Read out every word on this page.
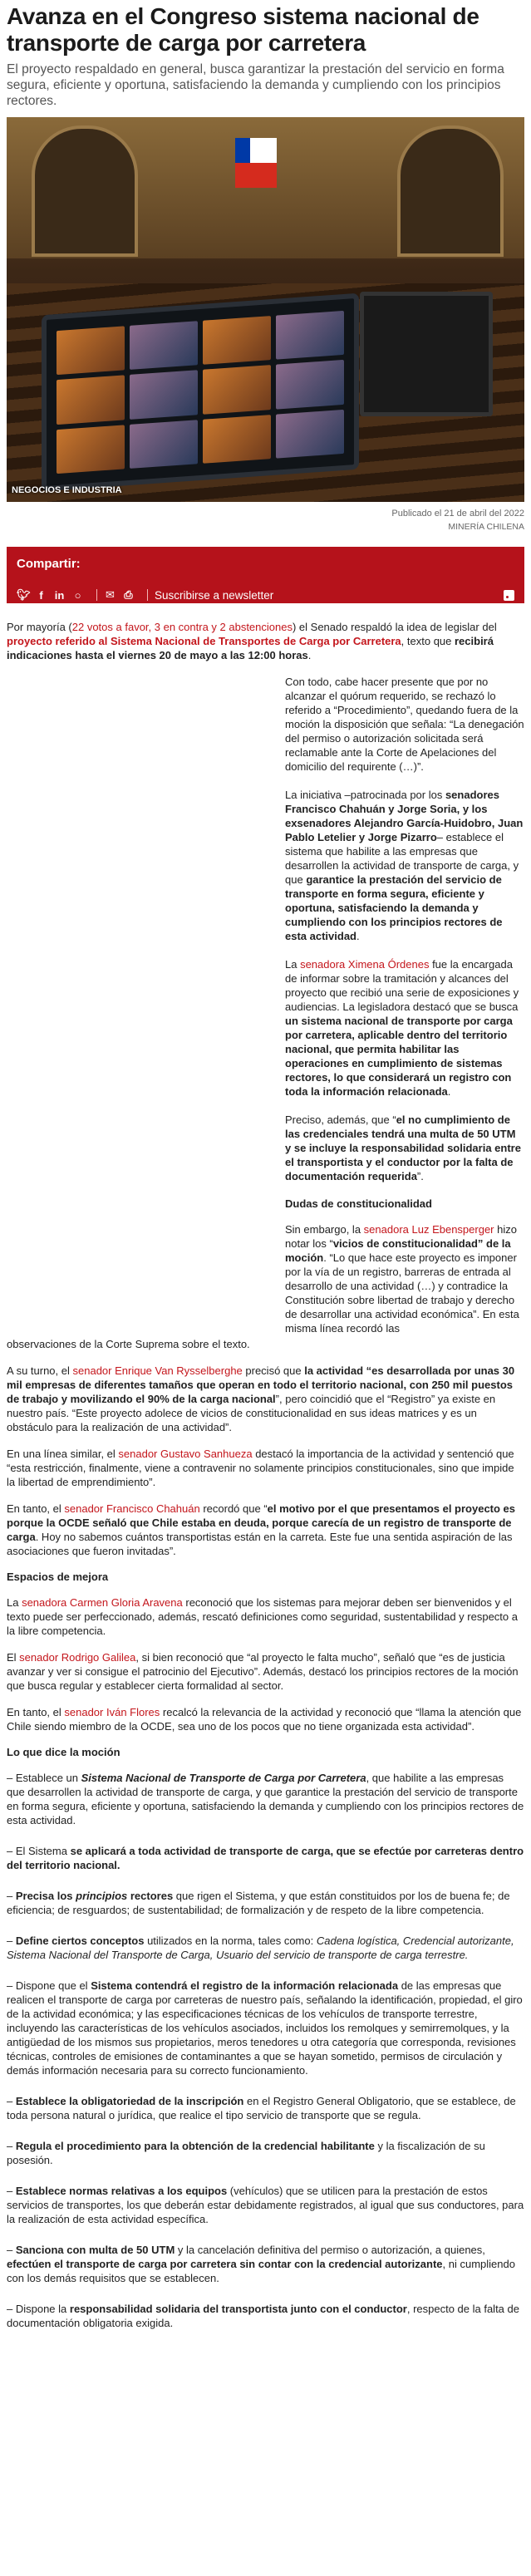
Avanza en el Congreso sistema nacional de transporte de carga por carretera
El proyecto respaldado en general, busca garantizar la prestación del servicio en forma segura, eficiente y oportuna, satisfaciendo la demanda y cumpliendo con los principios rectores.
NEGOCIOS E INDUSTRIA
Publicado el 21 de abril del 2022
MINERÍA CHILENA
Compartir:
🐦︎ f	in ○ ✉ ⎙ Suscribirse a newsletter

Por mayoría (22 votos a favor, 3 en contra y 2 abstenciones) el Senado respaldó la idea de legislar del proyecto referido al Sistema Nacional de Transportes de Carga por Carretera, texto que recibirá indicaciones hasta el viernes 20 de mayo a las 12:00 horas.

Con todo, cabe hacer presente que por no alcanzar el quórum requerido, se rechazó lo referido a “Procedimiento”, quedando fuera de la moción la disposición que señala: “La denegación del permiso o autorización solicitada será reclamable ante la Corte de Apelaciones del domicilio del requirente (…)”.

La iniciativa –patrocinada por los senadores Francisco Chahuán y Jorge Soria, y los exsenadores Alejandro García-Huidobro, Juan Pablo Letelier y Jorge Pizarro– establece el sistema que habilite a las empresas que desarrollen la actividad de transporte de carga, y que garantice la prestación del servicio de transporte en forma segura, eficiente y oportuna, satisfaciendo la demanda y cumpliendo con los principios rectores de esta actividad.

La senadora Ximena Órdenes fue la encargada de informar sobre la tramitación y alcances del proyecto que recibió una serie de exposiciones y audiencias. La legisladora destacó que se busca un sistema nacional de transporte por carga por carretera, aplicable dentro del territorio nacional, que permita habilitar las operaciones en cumplimiento de sistemas rectores, lo que considerará un registro con toda la información relacionada.

Preciso, además, que “el no cumplimiento de las credenciales tendrá una multa de 50 UTM y se incluye la responsabilidad solidaria entre el transportista y el conductor por la falta de documentación requerida”.

Dudas de constitucionalidad

Sin embargo, la senadora Luz Ebensperger hizo notar los “vicios de constitucionalidad” de la moción. “Lo que hace este proyecto es imponer por la vía de un registro, barreras de entrada al desarrollo de una actividad (…) y contradice la Constitución sobre libertad de trabajo y derecho de desarrollar una actividad económica”. En esta misma línea recordó las

observaciones de la Corte Suprema sobre el texto.

A su turno, el senador Enrique Van Rysselberghe precisó que la actividad “es desarrollada por unas 30 mil empresas de diferentes tamaños que operan en todo el territorio nacional, con 250 mil puestos de trabajo y movilizando el 90% de la carga nacional”, pero coincidió que el “Registro” ya existe en nuestro país. “Este proyecto adolece de vicios de constitucionalidad en sus ideas matrices y es un obstáculo para la realización de una actividad”.

En una línea similar, el senador Gustavo Sanhueza destacó la importancia de la actividad y sentenció que “esta restricción, finalmente, viene a contravenir no solamente principios constitucionales, sino que impide la libertad de emprendimiento”.

En tanto, el senador Francisco Chahuán recordó que “el motivo por el que presentamos el proyecto es porque la OCDE señaló que Chile estaba en deuda, porque carecía de un registro de transporte de carga. Hoy no sabemos cuántos transportistas están en la carreta. Este fue una sentida aspiración de las asociaciones que fueron invitadas”.

Espacios de mejora

La senadora Carmen Gloria Aravena reconoció que los sistemas para mejorar deben ser bienvenidos y el texto puede ser perfeccionado, además, rescató definiciones como seguridad, sustentabilidad y respecto a la libre competencia.

El senador Rodrigo Galilea, si bien reconoció que “al proyecto le falta mucho”, señaló que “es de justicia avanzar y ver si consigue el patrocinio del Ejecutivo”. Además, destacó los principios rectores de la moción que busca regular y establecer cierta formalidad al sector.

En tanto, el senador Iván Flores recalcó la relevancia de la actividad y reconoció que “llama la atención que Chile siendo miembro de la OCDE, sea uno de los pocos que no tiene organizada esta actividad”.

Lo que dice la moción

– Establece un Sistema Nacional de Transporte de Carga por Carretera, que habilite a las empresas que desarrollen la actividad de transporte de carga, y que garantice la prestación del servicio de transporte en forma segura, eficiente y oportuna, satisfaciendo la demanda y cumpliendo con los principios rectores de esta actividad.

– El Sistema se aplicará a toda actividad de transporte de carga, que se efectúe por carreteras dentro del territorio nacional.

– Precisa los principios rectores que rigen el Sistema, y que están constituidos por los de buena fe; de eficiencia; de resguardos; de sustentabilidad; de formalización y de respeto de la libre competencia.

– Define ciertos conceptos utilizados en la norma, tales como: Cadena logística, Credencial autorizante, Sistema Nacional del Transporte de Carga, Usuario del servicio de transporte de carga terrestre.

– Dispone que el Sistema contendrá el registro de la información relacionada de las empresas que realicen el transporte de carga por carreteras de nuestro país, señalando la identificación, propiedad, el giro de la actividad económica; y las especificaciones técnicas de los vehículos de transporte terrestre, incluyendo las características de los vehículos asociados, incluidos los remolques y semirremolques, y la antigüedad de los mismos sus propietarios, meros tenedores u otra categoría que corresponda, revisiones técnicas, controles de emisiones de contaminantes a que se hayan sometido, permisos de circulación y demás información necesaria para su correcto funcionamiento.

– Establece la obligatoriedad de la inscripción en el Registro General Obligatorio, que se establece, de toda persona natural o jurídica, que realice el tipo servicio de transporte que se regula.

– Regula el procedimiento para la obtención de la credencial habilitante y la fiscalización de su posesión.

– Establece normas relativas a los equipos (vehículos) que se utilicen para la prestación de estos servicios de transportes, los que deberán estar debidamente registrados, al igual que sus conductores, para la realización de esta actividad específica.

– Sanciona con multa de 50 UTM y la cancelación definitiva del permiso o autorización, a quienes, efectúen el transporte de carga por carretera sin contar con la credencial autorizante, ni cumpliendo con los demás requisitos que se establecen.

– Dispone la responsabilidad solidaria del transportista junto con el conductor, respecto de la falta de documentación obligatoria exigida.
